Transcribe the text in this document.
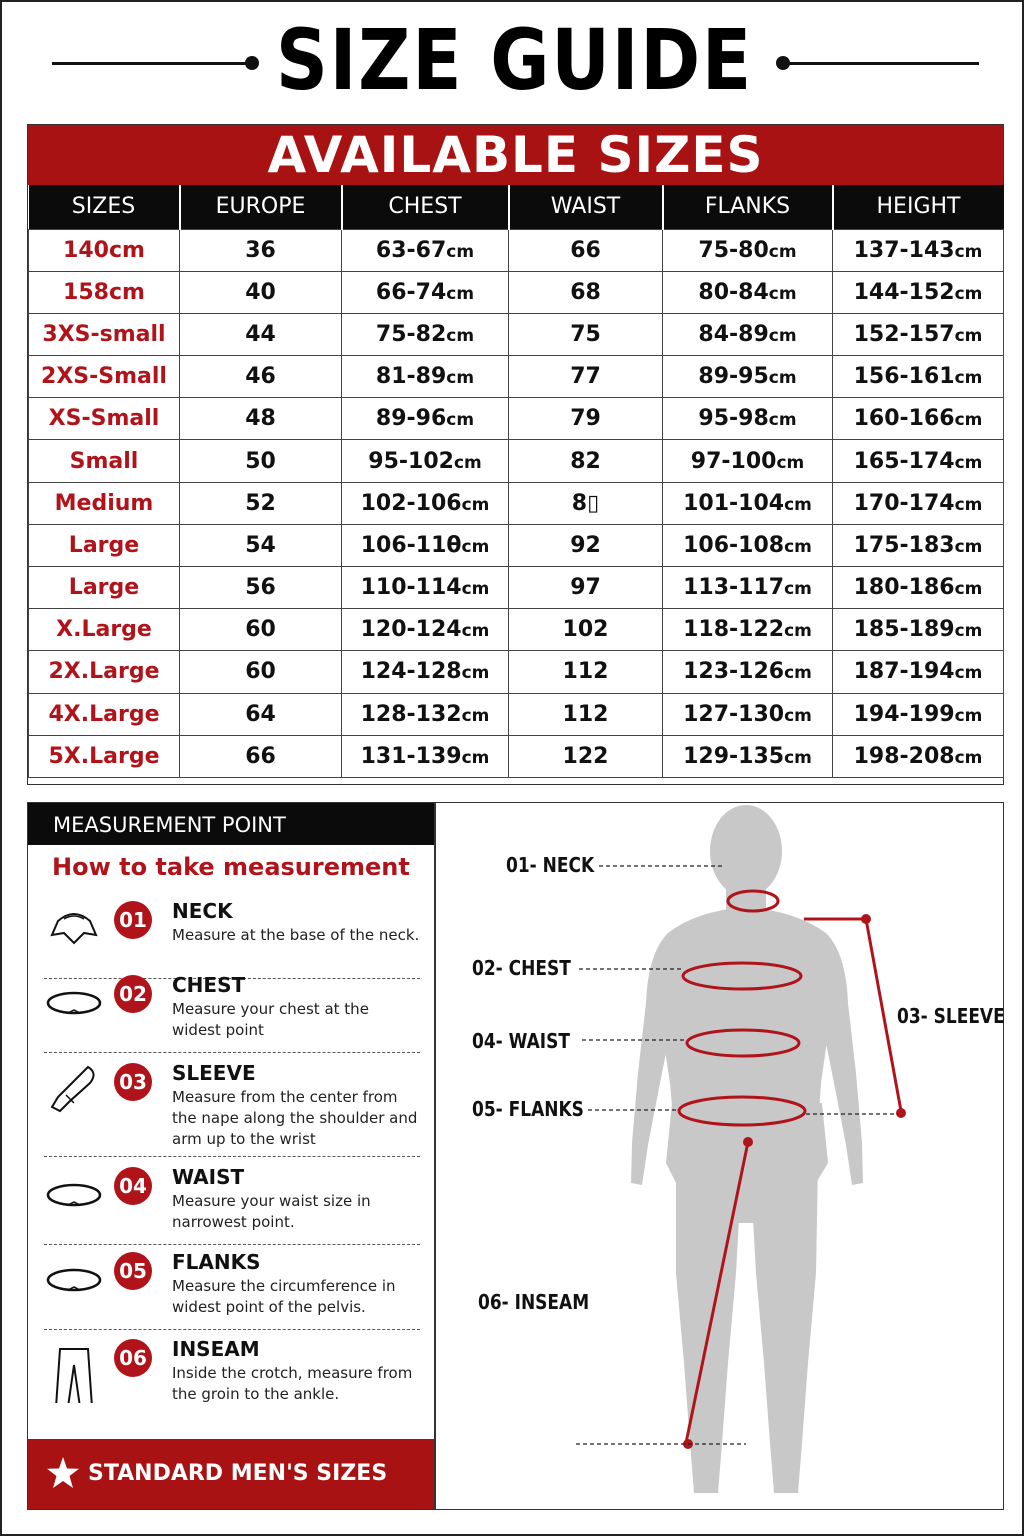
SIZE GUIDE
AVAILABLE SIZES
SIZES	EUROPE	CHEST	WAIST	FLANKS	HEIGHT
140cm	36	63-67cm	66	75-80cm	137-143cm
158cm	40	66-74cm	68	80-84cm	144-152cm
3XS-small	44	75-82cm	75	84-89cm	152-157cm
2XS-Small	46	81-89cm	77	89-95cm	156-161cm
XS-Small	48	89-96cm	79	95-98cm	160-166cm
Small	50	95-102cm	82	97-100cm	165-174cm
Medium	52	102-106cm	8▯	101-104cm	170-174cm
Large	54	106-11θcm	92	106-108cm	175-183cm
Large	56	110-114cm	97	113-117cm	180-186cm
X.Large	60	120-124cm	102	118-122cm	185-189cm
2X.Large	60	124-128cm	112	123-126cm	187-194cm
4X.Large	64	128-132cm	112	127-130cm	194-199cm
5X.Large	66	131-139cm	122	129-135cm	198-208cm
MEASUREMENT POINT
How to take measurement
01 NECK
Measure at the base of the neck.
02 CHEST
Measure your chest at the widest point
03 SLEEVE
Measure from the center from the nape along the shoulder and arm up to the wrist
04 WAIST
Measure your waist size in narrowest point.
05 FLANKS
Measure the circumference in widest point of the pelvis.
06 INSEAM
Inside the crotch, measure from the groin to the ankle.
STANDARD MEN'S SIZES
01- NECK
02- CHEST
04- WAIST
05- FLANKS
03- SLEEVE
06- INSEAM
